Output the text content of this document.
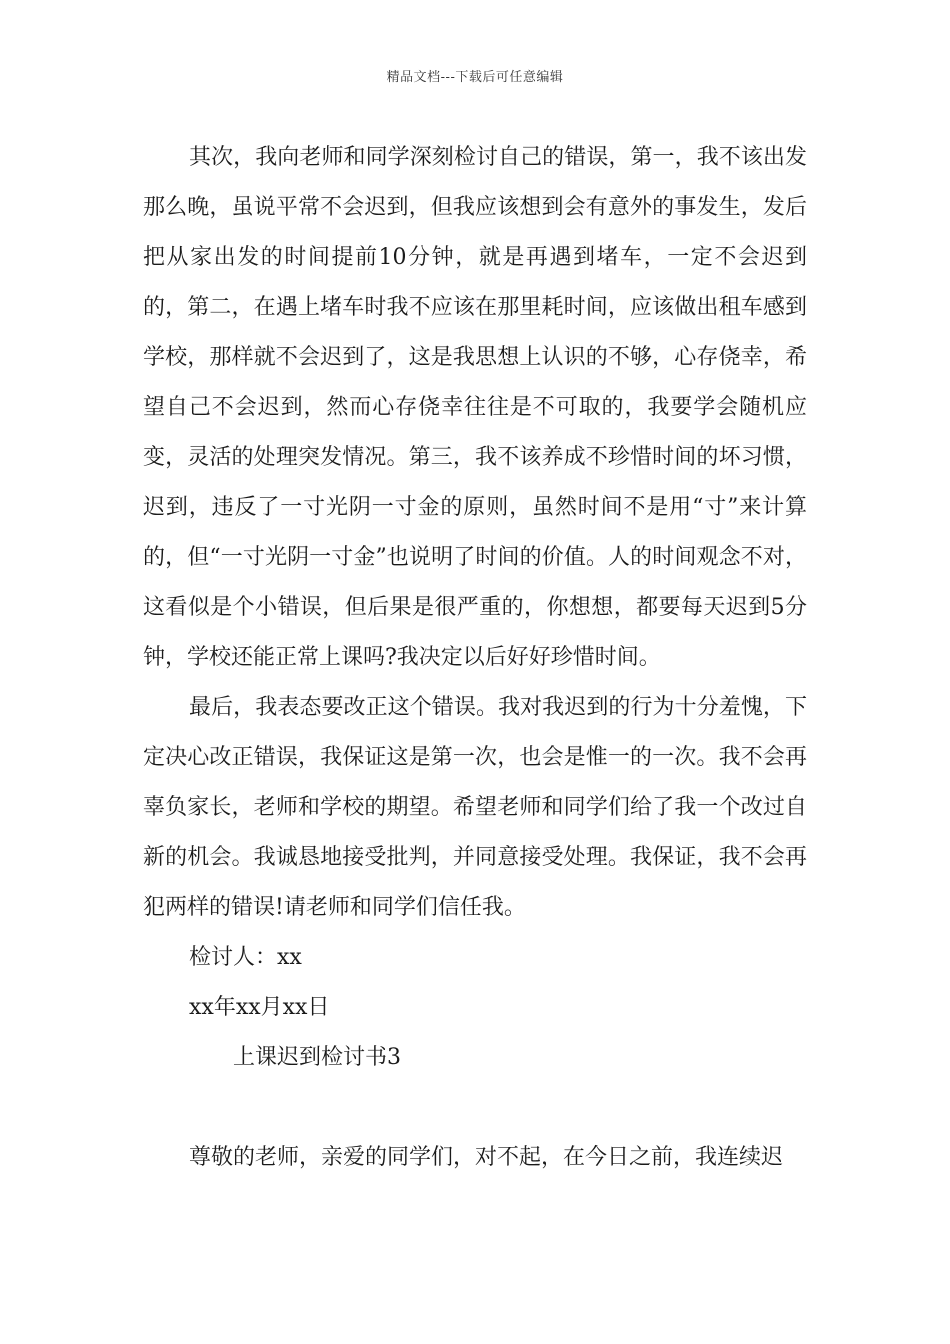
精品文档---下载后可任意编辑

其次，我向老师和同学深刻检讨自己的错误，第一，我不该出发那么晚，虽说平常不会迟到，但我应该想到会有意外的事发生，发后把从家出发的时间提前10分钟，就是再遇到堵车，一定不会迟到的，第二，在遇上堵车时我不应该在那里耗时间，应该做出租车感到学校，那样就不会迟到了，这是我思想上认识的不够，心存侥幸，希望自己不会迟到，然而心存侥幸往往是不可取的，我要学会随机应变，灵活的处理突发情况。第三，我不该养成不珍惜时间的坏习惯，迟到，违反了一寸光阴一寸金的原则，虽然时间不是用“寸”来计算的，但“一寸光阴一寸金”也说明了时间的价值。人的时间观念不对，这看似是个小错误，但后果是很严重的，你想想，都要每天迟到5分钟，学校还能正常上课吗?我决定以后好好珍惜时间。

最后，我表态要改正这个错误。我对我迟到的行为十分羞愧，下定决心改正错误，我保证这是第一次，也会是惟一的一次。我不会再辜负家长，老师和学校的期望。希望老师和同学们给了我一个改过自新的机会。我诚恳地接受批判，并同意接受处理。我保证，我不会再犯两样的错误!请老师和同学们信任我。

检讨人：xx

xx年xx月xx日

上课迟到检讨书3

尊敬的老师，亲爱的同学们，对不起，在今日之前，我连续迟
